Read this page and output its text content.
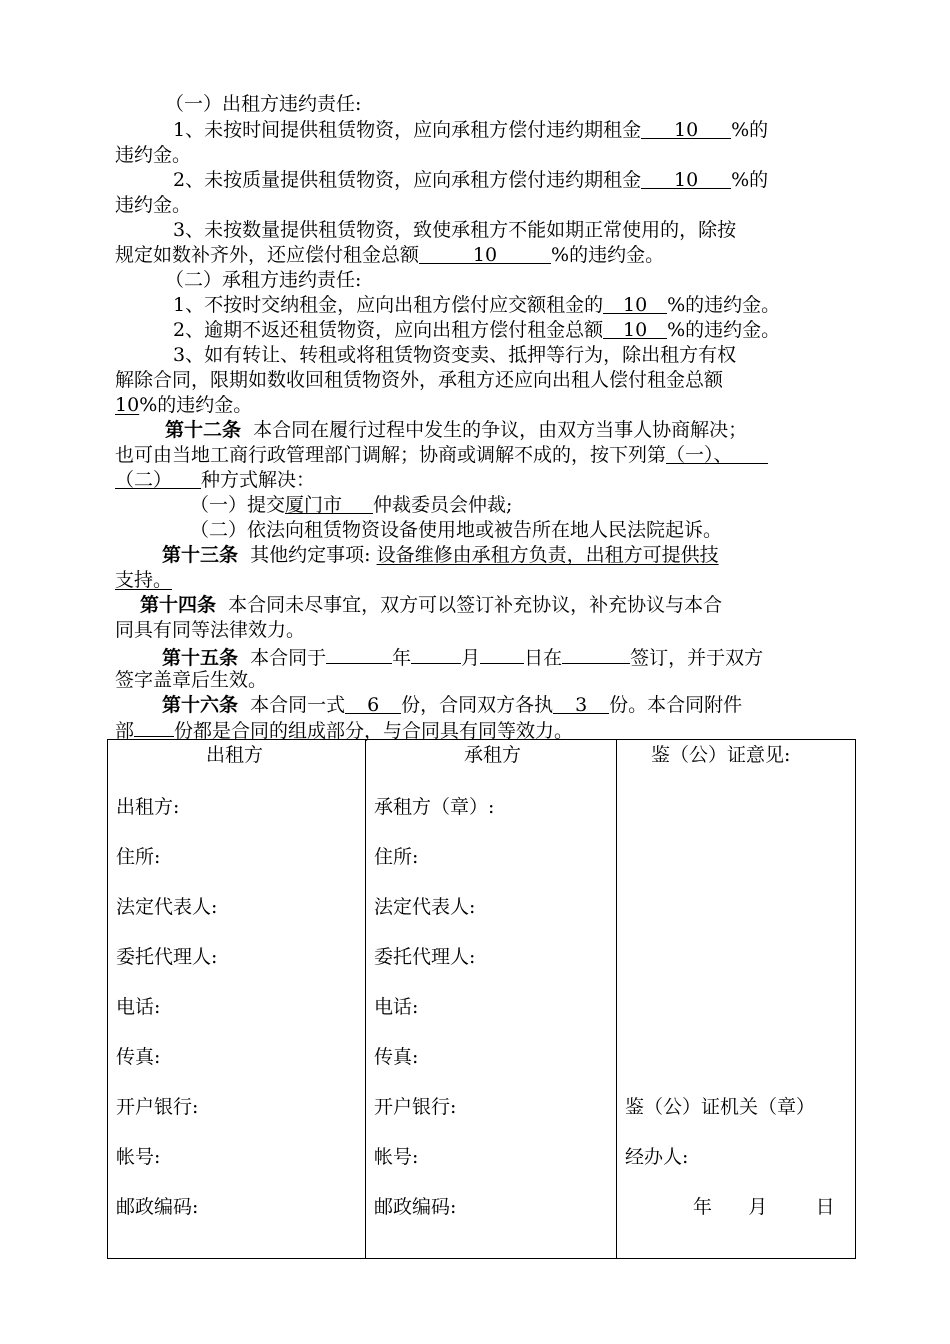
（一）出租方违约责任:
1、未按时间提供租赁物资，应向承租方偿付违约期租金 10 %的
违约金。
2、未按质量提供租赁物资，应向承租方偿付违约期租金 10 %的
违约金。
3、未按数量提供租赁物资，致使承租方不能如期正常使用的，除按
规定如数补齐外，还应偿付租金总额	10	%的违约金。
（二）承租方违约责任:
1、不按时交纳租金，应向出租方偿付应交额租金的 10 %的违约金。
2、逾期不返还租赁物资，应向出租方偿付租金总额 10 %的违约金。
3、如有转让、转租或将租赁物资变卖、抵押等行为，除出租方有权
解除合同，限期如数收回租赁物资外，承租方还应向出租人偿付租金总额
10%的违约金。
第十二条 本合同在履行过程中发生的争议，由双方当事人协商解决；
也可由当地工商行政管理部门调解；协商或调解不成的，按下列第（一）、
（二） 种方式解决：
（一）提交厦门市 仲裁委员会仲裁;
（二）依法向租赁物资设备使用地或被告所在地人民法院起诉。
第十三条 其他约定事项: 设备维修由承租方负责，出租方可提供技
支持。
第十四条 本合同未尽事宜，双方可以签订补充协议，补充协议与本合
同具有同等法律效力。
第十五条 本合同于	年	月 日在	签订，并于双方
签字盖章后生效。
第十六条 本合同一式 6 份，合同双方各执 3 份。本合同附件
部 份都是合同的组成部分，与合同具有同等效力。
出租方
出租方:
住所:
法定代表人:
委托代理人:
电话:
传真:
开户银行:
帐号:
邮政编码:

承租方
承租方（章）:
住所:
法定代表人:
委托代理人:
电话:
传真:
开户银行:
帐号:
邮政编码:

鉴（公）证意见:
鉴（公）证机关（章）
经办人:
年 月	日
